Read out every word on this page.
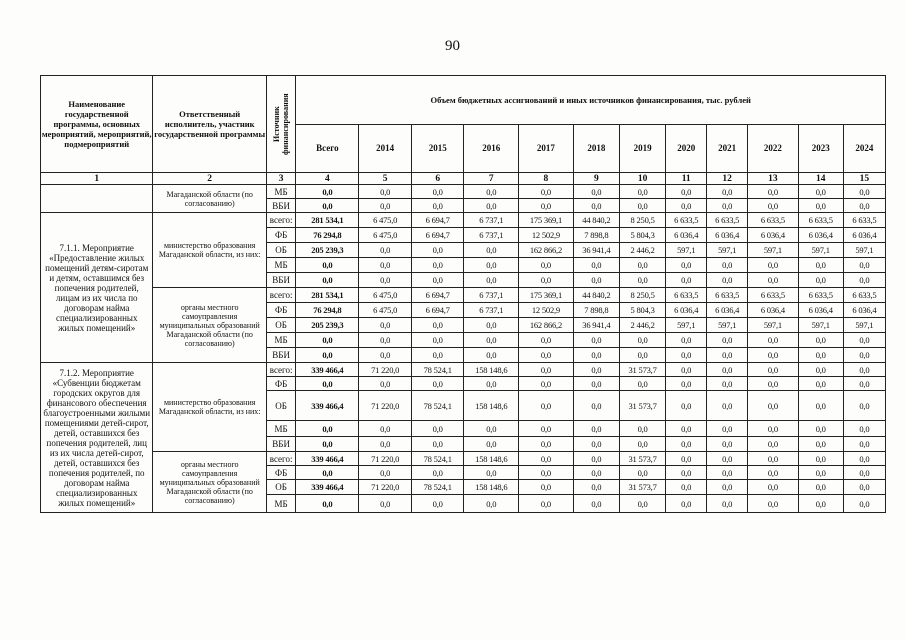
90
Наименование государственной программы, основных мероприятий, мероприятий, подмероприятий	Ответственный исполнитель, участник государственной программы	Источник финансирования	Объем бюджетных ассигнований и иных источников финансирования, тыс. рублей											
			Всего	2014	2015	2016	2017	2018	2019	2020	2021	2022	2023	2024
1	2	3	4	5	6	7	8	9	10	11	12	13	14	15
	Магаданской области (по согласованию)	МБ	0,0	0,0	0,0	0,0	0,0	0,0	0,0	0,0	0,0	0,0	0,0	0,0
		ВБИ	0,0	0,0	0,0	0,0	0,0	0,0	0,0	0,0	0,0	0,0	0,0	0,0
7.1.1. Мероприятие «Предоставление жилых помещений детям-сиротам и детям, оставшимся без попечения родителей, лицам из их числа по договорам найма специализированных жилых помещений»	министерство образования Магаданской области, из них:	всего:	281 534,1	6 475,0	6 694,7	6 737,1	175 369,1	44 840,2	8 250,5	6 633,5	6 633,5	6 633,5	6 633,5	6 633,5
		ФБ	76 294,8	6 475,0	6 694,7	6 737,1	12 502,9	7 898,8	5 804,3	6 036,4	6 036,4	6 036,4	6 036,4	6 036,4
		ОБ	205 239,3	0,0	0,0	0,0	162 866,2	36 941,4	2 446,2	597,1	597,1	597,1	597,1	597,1
		МБ	0,0	0,0	0,0	0,0	0,0	0,0	0,0	0,0	0,0	0,0	0,0	0,0
		ВБИ	0,0	0,0	0,0	0,0	0,0	0,0	0,0	0,0	0,0	0,0	0,0	0,0
	органы местного самоуправления муниципальных образований Магаданской области (по согласованию)	всего:	281 534,1	6 475,0	6 694,7	6 737,1	175 369,1	44 840,2	8 250,5	6 633,5	6 633,5	6 633,5	6 633,5	6 633,5
		ФБ	76 294,8	6 475,0	6 694,7	6 737,1	12 502,9	7 898,8	5 804,3	6 036,4	6 036,4	6 036,4	6 036,4	6 036,4
		ОБ	205 239,3	0,0	0,0	0,0	162 866,2	36 941,4	2 446,2	597,1	597,1	597,1	597,1	597,1
		МБ	0,0	0,0	0,0	0,0	0,0	0,0	0,0	0,0	0,0	0,0	0,0	0,0
		ВБИ	0,0	0,0	0,0	0,0	0,0	0,0	0,0	0,0	0,0	0,0	0,0	0,0
7.1.2. Мероприятие «Субвенции бюджетам городских округов для финансового обеспечения благоустроенными жилыми помещениями детей-сирот, детей, оставшихся без попечения родителей, лиц из их числа детей-сирот, детей, оставшихся без попечения родителей, по договорам найма специализированных жилых помещений»	министерство образования Магаданской области, из них:	всего:	339 466,4	71 220,0	78 524,1	158 148,6	0,0	0,0	31 573,7	0,0	0,0	0,0	0,0	0,0
		ФБ	0,0	0,0	0,0	0,0	0,0	0,0	0,0	0,0	0,0	0,0	0,0	0,0
		ОБ	339 466,4	71 220,0	78 524,1	158 148,6	0,0	0,0	31 573,7	0,0	0,0	0,0	0,0	0,0
		МБ	0,0	0,0	0,0	0,0	0,0	0,0	0,0	0,0	0,0	0,0	0,0	0,0
		ВБИ	0,0	0,0	0,0	0,0	0,0	0,0	0,0	0,0	0,0	0,0	0,0	0,0
	органы местного самоуправления муниципальных образований Магаданской области (по согласованию)	всего:	339 466,4	71 220,0	78 524,1	158 148,6	0,0	0,0	31 573,7	0,0	0,0	0,0	0,0	0,0
		ФБ	0,0	0,0	0,0	0,0	0,0	0,0	0,0	0,0	0,0	0,0	0,0	0,0
		ОБ	339 466,4	71 220,0	78 524,1	158 148,6	0,0	0,0	31 573,7	0,0	0,0	0,0	0,0	0,0
		МБ	0,0	0,0	0,0	0,0	0,0	0,0	0,0	0,0	0,0	0,0	0,0	0,0
